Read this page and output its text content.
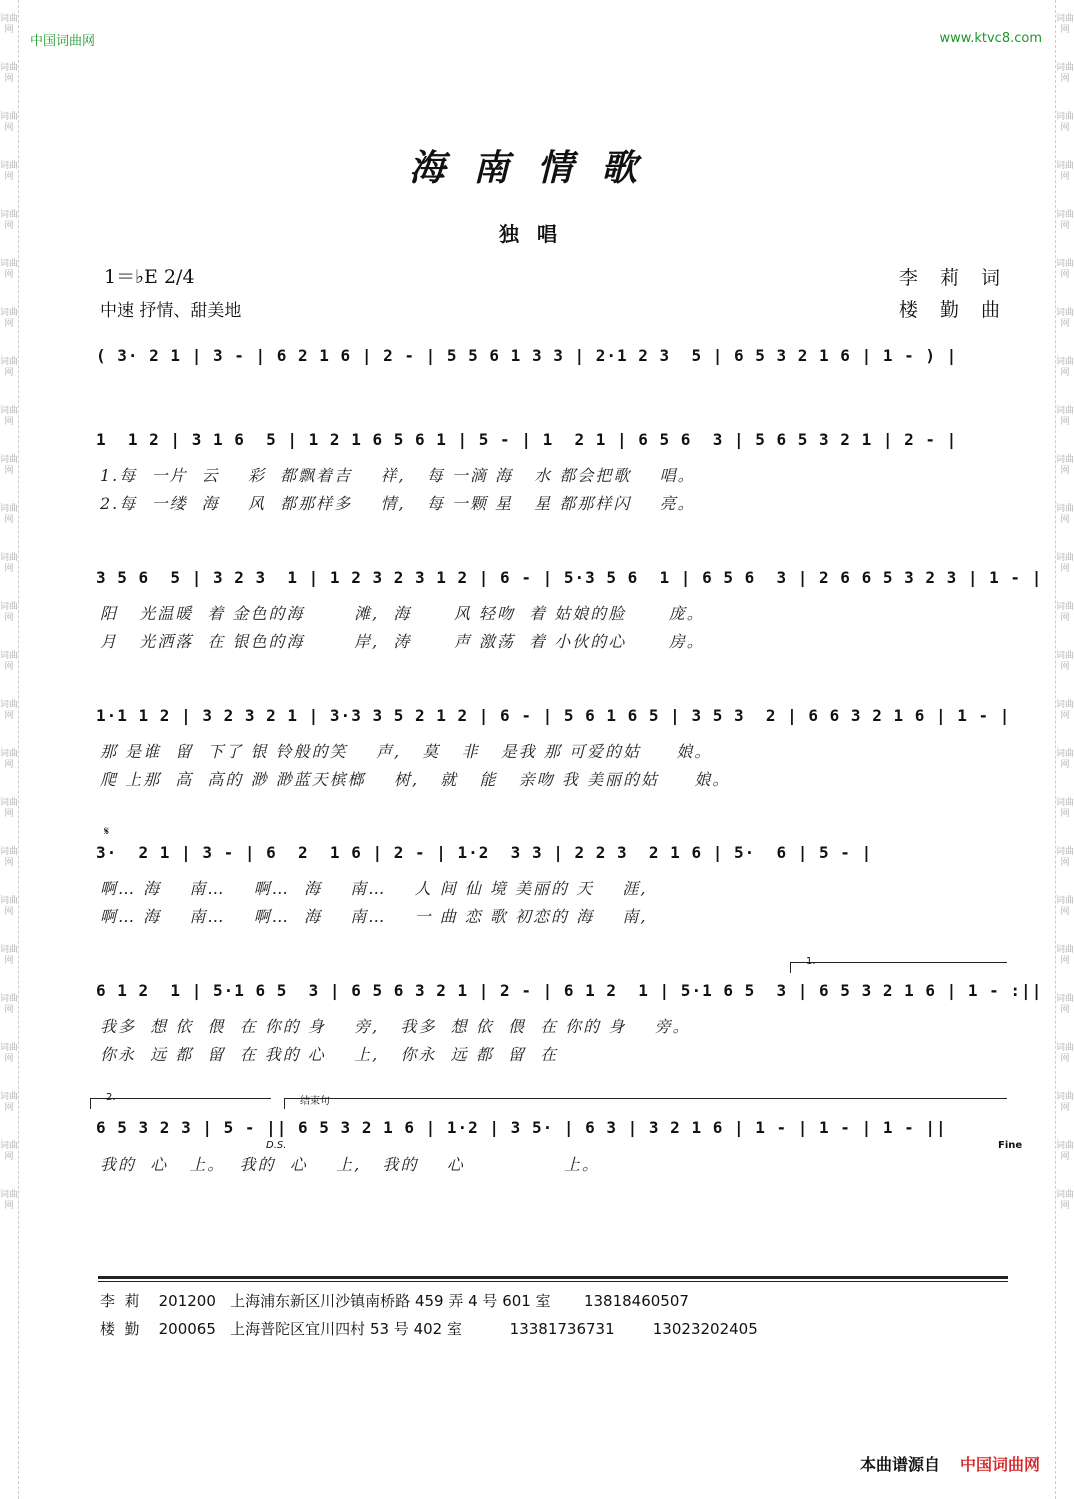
词曲网
词曲网
词曲网
词曲网
词曲网
词曲网
词曲网
词曲网
词曲网
词曲网
词曲网
词曲网
词曲网
词曲网
词曲网
词曲网
词曲网
词曲网
词曲网
词曲网
词曲网
词曲网
词曲网
词曲网
词曲网
词曲网
词曲网
词曲网
词曲网
词曲网
词曲网
词曲网
词曲网
词曲网
词曲网
词曲网
词曲网
词曲网
词曲网
词曲网
词曲网
词曲网
词曲网
词曲网
词曲网
词曲网
词曲网
词曲网
词曲网
词曲网
中国词曲网	www.ktvc8.com
海南情歌
独唱
1＝♭E 2/4
中速 抒情、甜美地
李 莉 词
楼 勤 曲
( 3· 2 1 | 3 - | 6 2 1 6 | 2 - | 5 5 6 1 3 3 | 2·1 2 3  5 | 6 5 3 2 1 6 | 1 - ) |
1  1 2 | 3 1 6  5 | 1 2 1 6 5 6 1 | 5 - | 1  2 1 | 6 5 6  3 | 5 6 5 3 2 1 | 2 - |
1.每  一片  云    彩  都飘着吉    祥,   每 一滴 海   水 都会把歌    唱。
2.每  一缕  海    风  都那样多    情,   每 一颗 星   星 都那样闪    亮。
3 5 6  5 | 3 2 3  1 | 1 2 3 2 3 1 2 | 6 - | 5·3 5 6  1 | 6 5 6  3 | 2 6 6 5 3 2 3 | 1 - |
阳   光温暖  着 金色的海       滩,  海      风 轻吻  着 姑娘的脸      庞。
月   光洒落  在 银色的海       岸,  涛      声 激荡  着 小伙的心      房。
1·1 1 2 | 3 2 3 2 1 | 3·3 3 5 2 1 2 | 6 - | 5 6 1 6 5 | 3 5 3  2 | 6 6 3 2 1 6 | 1 - |
那 是谁  留  下了 银 铃般的笑    声,   莫   非   是我 那 可爱的姑     娘。
爬 上那  高  高的 渺 渺蓝天槟榔    树,   就   能   亲吻 我 美丽的姑     娘。
𝄋
3·  2 1 | 3 - | 6  2  1 6 | 2 - | 1·2  3 3 | 2 2 3  2 1 6 | 5·  6 | 5 - |
啊… 海    南…    啊…  海    南…    人 间 仙 境 美丽的 天    涯,
啊… 海    南…    啊…  海    南…    一 曲 恋 歌 初恋的 海    南,
1.
6 1 2  1 | 5·1 6 5  3 | 6 5 6 3 2 1 | 2 - | 6 1 2  1 | 5·1 6 5  3 | 6 5 3 2 1 6 | 1 - :||
我多  想 依  偎  在 你的 身    旁,   我多  想 依  偎  在 你的 身    旁。
你永  远 都  留  在 我的 心    上,   你永  远 都  留  在
2.	结束句
6 5 3 2 3 | 5 - || 6 5 3 2 1 6 | 1·2 | 3 5· | 6 3 | 3 2 1 6 | 1 - | 1 - | 1 - ||
D.S.	Fine
我的  心   上。  我的  心    上,   我的    心              上。
李  莉    201200   上海浦东新区川沙镇南桥路 459 弄 4 号 601 室       13818460507
楼  勤    200065   上海普陀区宜川四村 53 号 402 室          13381736731        13023202405
本曲谱源自 中国词曲网
